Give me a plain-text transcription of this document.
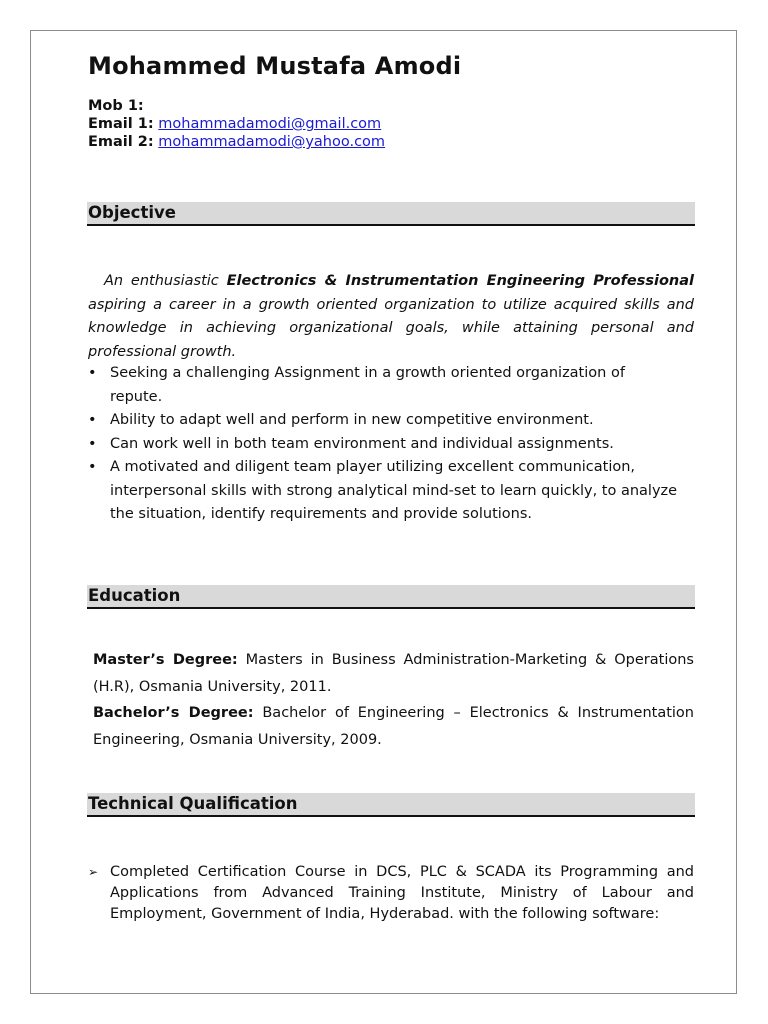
Mohammed Mustafa Amodi
Mob 1:
Email 1: mohammadamodi@gmail.com
Email 2: mohammadamodi@yahoo.com
Objective
An enthusiastic Electronics & Instrumentation Engineering Professional aspiring a career in a growth oriented organization to utilize acquired skills and knowledge in achieving organizational goals, while attaining personal and professional growth.
• Seeking a challenging Assignment in a growth oriented organization of repute.
• Ability to adapt well and perform in new competitive environment.
• Can work well in both team environment and individual assignments.
• A motivated and diligent team player utilizing excellent communication, interpersonal skills with strong analytical mind-set to learn quickly, to analyze the situation, identify requirements and provide solutions.
Education
Master’s Degree: Masters in Business Administration-Marketing & Operations (H.R), Osmania University, 2011.
Bachelor’s Degree: Bachelor of Engineering – Electronics & Instrumentation Engineering, Osmania University, 2009.
Technical Qualification
➢ Completed Certification Course in DCS, PLC & SCADA its Programming and Applications from Advanced Training Institute, Ministry of Labour and Employment, Government of India, Hyderabad. with the following software:
